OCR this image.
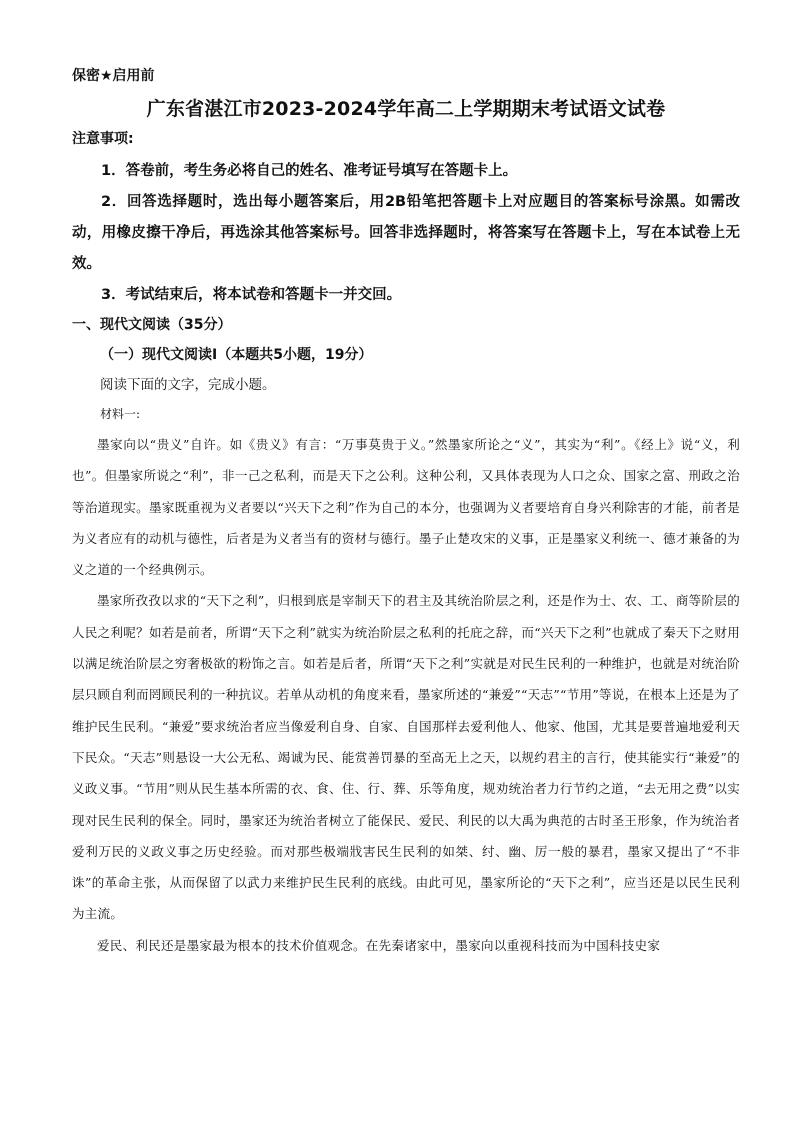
保密★启用前

广东省湛江市2023-2024学年高二上学期期末考试语文试卷

注意事项:

1．答卷前，考生务必将自己的姓名、准考证号填写在答题卡上。

2．回答选择题时，选出每小题答案后，用2B铅笔把答题卡上对应题目的答案标号涂黑。如需改动，用橡皮擦干净后，再选涂其他答案标号。回答非选择题时，将答案写在答题卡上，写在本试卷上无效。

3．考试结束后，将本试卷和答题卡一并交回。

一、现代文阅读（35分）

（一）现代文阅读Ⅰ（本题共5小题，19分）

阅读下面的文字，完成小题。

材料一:

墨家向以“贵义”自许。如《贵义》有言：“万事莫贵于义。”然墨家所论之“义”，其实为“利”。《经上》说“义，利也”。但墨家所说之“利”，非一己之私利，而是天下之公利。这种公利，又具体表现为人口之众、国家之富、刑政之治等治道现实。墨家既重视为义者要以“兴天下之利”作为自己的本分，也强调为义者要培育自身兴利除害的才能，前者是为义者应有的动机与德性，后者是为义者当有的资材与德行。墨子止楚攻宋的义事，正是墨家义利统一、德才兼备的为义之道的一个经典例示。

墨家所孜孜以求的“天下之利”，归根到底是宰制天下的君主及其统治阶层之利，还是作为士、农、工、商等阶层的人民之利呢？如若是前者，所谓“天下之利”就实为统治阶层之私利的托庇之辞，而“兴天下之利”也就成了秦天下之财用以满足统治阶层之穷奢极欲的粉饰之言。如若是后者，所谓“天下之利”实就是对民生民利的一种维护，也就是对统治阶层只顾自利而罔顾民利的一种抗议。若单从动机的角度来看，墨家所述的“兼爱”“天志”“节用”等说，在根本上还是为了维护民生民利。“兼爱”要求统治者应当像爱利自身、自家、自国那样去爱利他人、他家、他国，尤其是要普遍地爱利天下民众。“天志”则悬设一大公无私、竭诚为民、能赏善罚暴的至高无上之天，以规约君主的言行，使其能实行“兼爱”的义政义事。“节用”则从民生基本所需的衣、食、住、行、葬、乐等角度，规劝统治者力行节约之道，“去无用之费”以实现对民生民利的保全。同时，墨家还为统治者树立了能保民、爱民、利民的以大禹为典范的古时圣王形象，作为统治者爱利万民的义政义事之历史经验。而对那些极端戕害民生民利的如桀、纣、幽、厉一般的暴君，墨家又提出了“不非诛”的革命主张，从而保留了以武力来维护民生民利的底线。由此可见，墨家所论的“天下之利”，应当还是以民生民利为主流。

爱民、利民还是墨家最为根本的技术价值观念。在先秦诸家中，墨家向以重视科技而为中国科技史家
